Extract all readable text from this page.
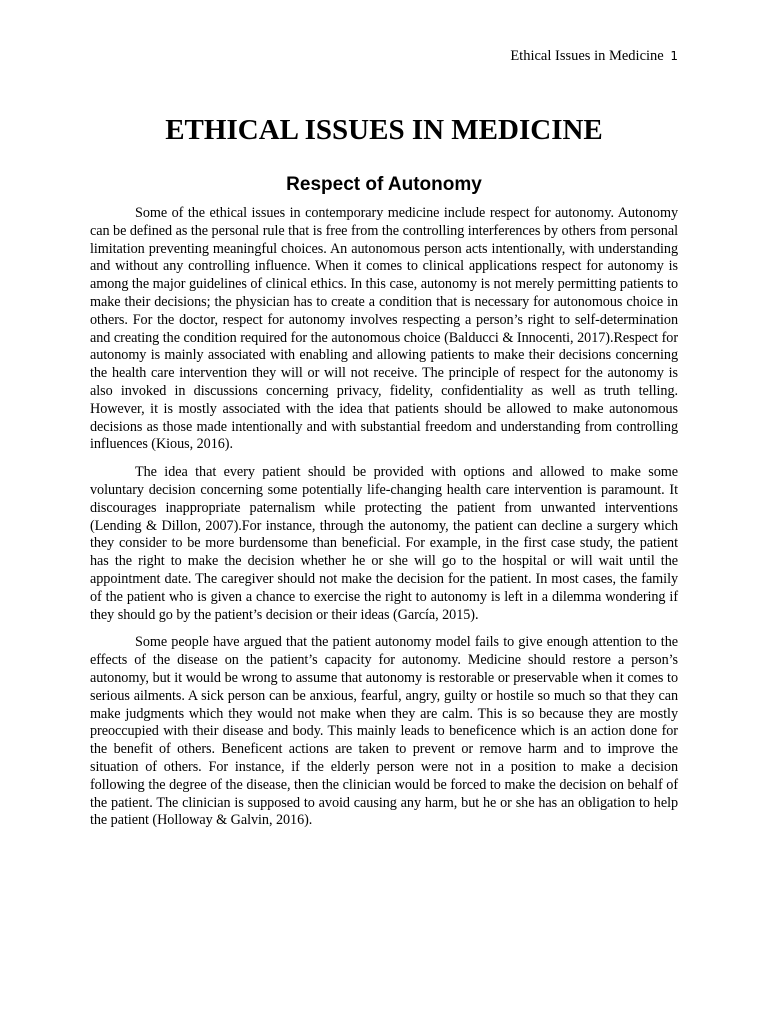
Ethical Issues in Medicine 1
ETHICAL ISSUES IN MEDICINE
Respect of Autonomy

Some of the ethical issues in contemporary medicine include respect for autonomy. Autonomy can be defined as the personal rule that is free from the controlling interferences by others from personal limitation preventing meaningful choices. An autonomous person acts intentionally, with understanding and without any controlling influence. When it comes to clinical applications respect for autonomy is among the major guidelines of clinical ethics. In this case, autonomy is not merely permitting patients to make their decisions; the physician has to create a condition that is necessary for autonomous choice in others. For the doctor, respect for autonomy involves respecting a person’s right to self-determination and creating the condition required for the autonomous choice (Balducci & Innocenti, 2017).Respect for autonomy is mainly associated with enabling and allowing patients to make their decisions concerning the health care intervention they will or will not receive. The principle of respect for the autonomy is also invoked in discussions concerning privacy, fidelity, confidentiality as well as truth telling. However, it is mostly associated with the idea that patients should be allowed to make autonomous decisions as those made intentionally and with substantial freedom and understanding from controlling influences (Kious, 2016).

The idea that every patient should be provided with options and allowed to make some voluntary decision concerning some potentially life-changing health care intervention is paramount. It discourages inappropriate paternalism while protecting the patient from unwanted interventions (Lending & Dillon, 2007).For instance, through the autonomy, the patient can decline a surgery which they consider to be more burdensome than beneficial. For example, in the first case study, the patient has the right to make the decision whether he or she will go to the hospital or will wait until the appointment date. The caregiver should not make the decision for the patient. In most cases, the family of the patient who is given a chance to exercise the right to autonomy is left in a dilemma wondering if they should go by the patient’s decision or their ideas (García, 2015).

Some people have argued that the patient autonomy model fails to give enough attention to the effects of the disease on the patient’s capacity for autonomy. Medicine should restore a person’s autonomy, but it would be wrong to assume that autonomy is restorable or preservable when it comes to serious ailments. A sick person can be anxious, fearful, angry, guilty or hostile so much so that they can make judgments which they would not make when they are calm. This is so because they are mostly preoccupied with their disease and body. This mainly leads to beneficence which is an action done for the benefit of others. Beneficent actions are taken to prevent or remove harm and to improve the situation of others. For instance, if the elderly person were not in a position to make a decision following the degree of the disease, then the clinician would be forced to make the decision on behalf of the patient. The clinician is supposed to avoid causing any harm, but he or she has an obligation to help the patient (Holloway & Galvin, 2016).
